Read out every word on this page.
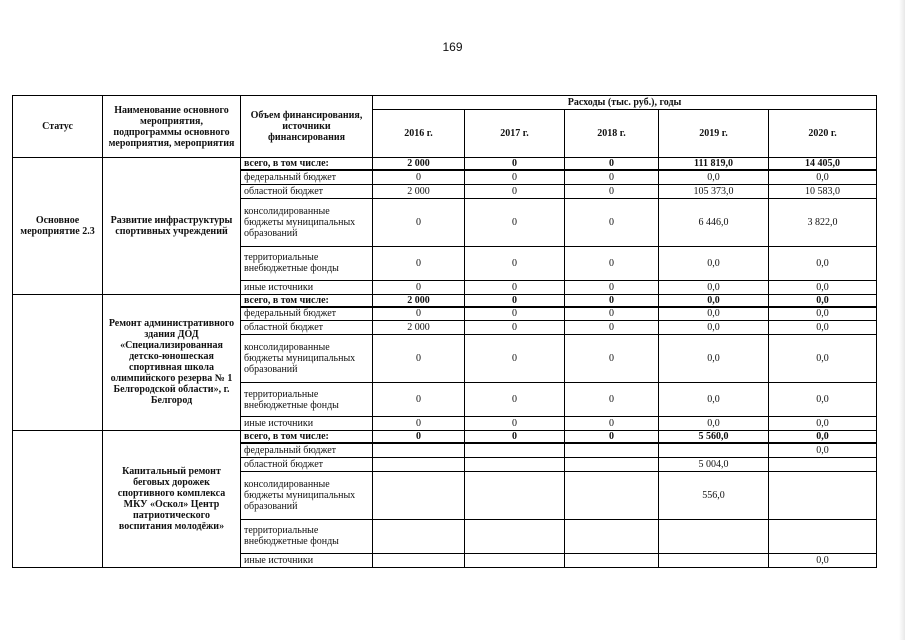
169
Статус	Наименование основного мероприятия, подпрограммы основного мероприятия, мероприятия	Объем финансирования, источники финансирования	Расходы (тыс. руб.), годы				
			2016 г.	2017 г.	2018 г.	2019 г.	2020 г.
Основное мероприятие 2.3	Развитие инфраструктуры спортивных учреждений	всего, в том числе:	2 000	0	0	111 819,0	14 405,0
		федеральный бюджет	0	0	0	0,0	0,0
		областной бюджет	2 000	0	0	105 373,0	10 583,0
		консолидированные бюджеты муниципальных образований	0	0	0	6 446,0	3 822,0
		территориальные внебюджетные фонды	0	0	0	0,0	0,0
		иные источники	0	0	0	0,0	0,0
	Ремонт административного здания ДОД «Специализированная детско-юношеская спортивная школа олимпийского резерва № 1 Белгородской области», г. Белгород	всего, в том числе:	2 000	0	0	0,0	0,0
		федеральный бюджет	0	0	0	0,0	0,0
		областной бюджет	2 000	0	0	0,0	0,0
		консолидированные бюджеты муниципальных образований	0	0	0	0,0	0,0
		территориальные внебюджетные фонды	0	0	0	0,0	0,0
		иные источники	0	0	0	0,0	0,0
	Капитальный ремонт беговых дорожек спортивного комплекса МКУ «Оскол» Центр патриотического воспитания молодёжи»	всего, в том числе:	0	0	0	5 560,0	0,0
		федеральный бюджет					0,0
		областной бюджет				5 004,0	
		консолидированные бюджеты муниципальных образований				556,0	
		территориальные внебюджетные фонды					
		иные источники					0,0
